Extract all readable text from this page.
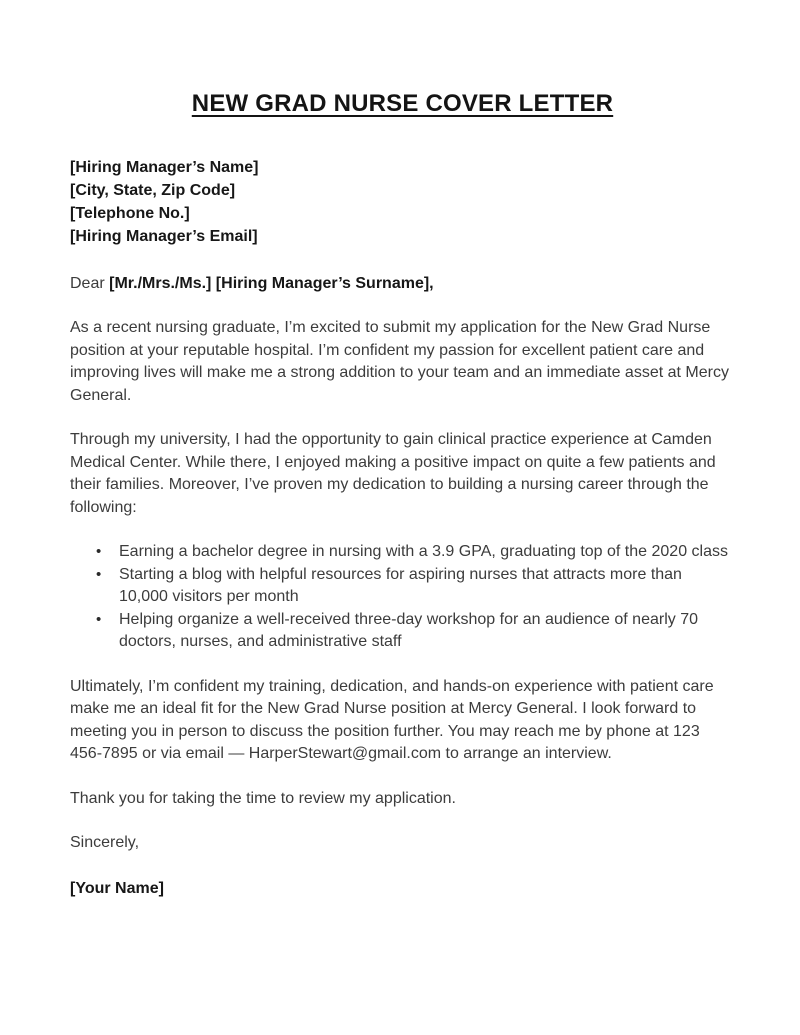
NEW GRAD NURSE COVER LETTER

[Hiring Manager’s Name]

[City, State, Zip Code]

[Telephone No.]

[Hiring Manager’s Email]

Dear [Mr./Mrs./Ms.] [Hiring Manager’s Surname],

As a recent nursing graduate, I’m excited to submit my application for the New Grad Nurse position at your reputable hospital. I’m confident my passion for excellent patient care and improving lives will make me a strong addition to your team and an immediate asset at Mercy General.

Through my university, I had the opportunity to gain clinical practice experience at Camden Medical Center. While there, I enjoyed making a positive impact on quite a few patients and their families. Moreover, I’ve proven my dedication to building a nursing career through the following:

•	Earning a bachelor degree in nursing with a 3.9 GPA, graduating top of the 2020 class
•	Starting a blog with helpful resources for aspiring nurses that attracts more than 10,000 visitors per month
•	Helping organize a well-received three-day workshop for an audience of nearly 70 doctors, nurses, and administrative staff

Ultimately, I’m confident my training, dedication, and hands-on experience with patient care make me an ideal fit for the New Grad Nurse position at Mercy General. I look forward to meeting you in person to discuss the position further. You may reach me by phone at 123 456-7895 or via email — HarperStewart@gmail.com to arrange an interview.

Thank you for taking the time to review my application.

Sincerely,

[Your Name]
